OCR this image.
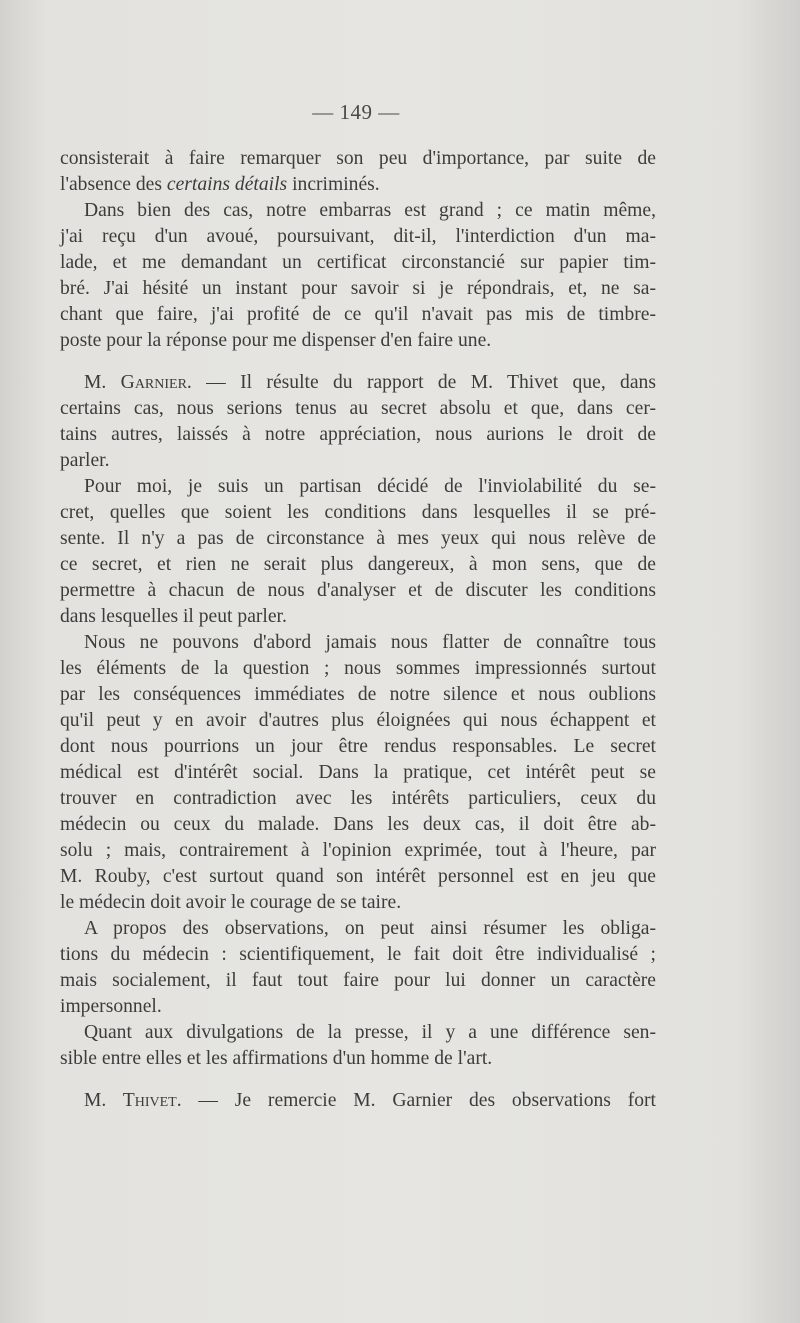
— 149 —
consisterait à faire remarquer son peu d'importance, par suite de
l'absence des certains détails incriminés.
Dans bien des cas, notre embarras est grand ; ce matin même,
j'ai reçu d'un avoué, poursuivant, dit-il, l'interdiction d'un ma-
lade, et me demandant un certificat circonstancié sur papier tim-
bré. J'ai hésité un instant pour savoir si je répondrais, et, ne sa-
chant que faire, j'ai profité de ce qu'il n'avait pas mis de timbre-
poste pour la réponse pour me dispenser d'en faire une.
M. Garnier. — Il résulte du rapport de M. Thivet que, dans
certains cas, nous serions tenus au secret absolu et que, dans cer-
tains autres, laissés à notre appréciation, nous aurions le droit de
parler.
Pour moi, je suis un partisan décidé de l'inviolabilité du se-
cret, quelles que soient les conditions dans lesquelles il se pré-
sente. Il n'y a pas de circonstance à mes yeux qui nous relève de
ce secret, et rien ne serait plus dangereux, à mon sens, que de
permettre à chacun de nous d'analyser et de discuter les conditions
dans lesquelles il peut parler.
Nous ne pouvons d'abord jamais nous flatter de connaître tous
les éléments de la question ; nous sommes impressionnés surtout
par les conséquences immédiates de notre silence et nous oublions
qu'il peut y en avoir d'autres plus éloignées qui nous échappent et
dont nous pourrions un jour être rendus responsables. Le secret
médical est d'intérêt social. Dans la pratique, cet intérêt peut se
trouver en contradiction avec les intérêts particuliers, ceux du
médecin ou ceux du malade. Dans les deux cas, il doit être ab-
solu ; mais, contrairement à l'opinion exprimée, tout à l'heure, par
M. Rouby, c'est surtout quand son intérêt personnel est en jeu que
le médecin doit avoir le courage de se taire.
A propos des observations, on peut ainsi résumer les obliga-
tions du médecin : scientifiquement, le fait doit être individualisé ;
mais socialement, il faut tout faire pour lui donner un caractère
impersonnel.
Quant aux divulgations de la presse, il y a une différence sen-
sible entre elles et les affirmations d'un homme de l'art.
M. Thivet. — Je remercie M. Garnier des observations fort
